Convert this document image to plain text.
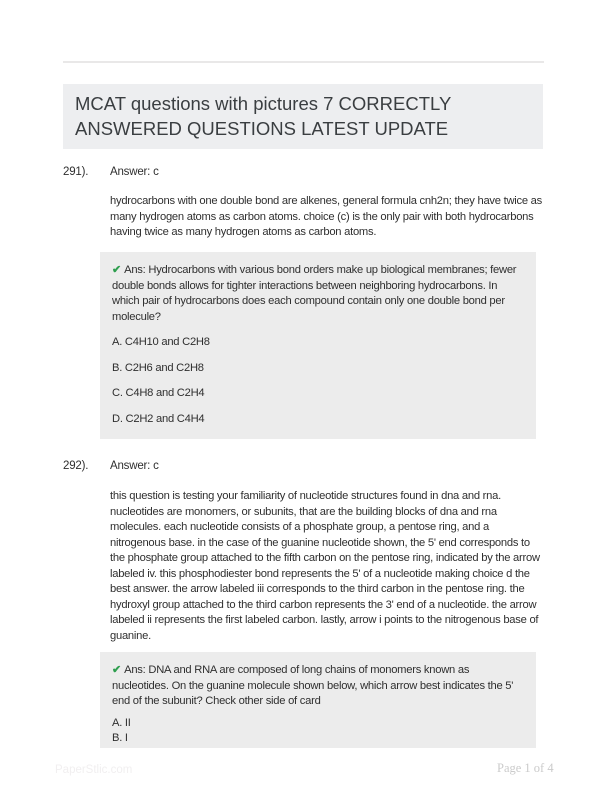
MCAT questions with pictures 7 CORRECTLY ANSWERED QUESTIONS LATEST UPDATE
291).	Answer: c

hydrocarbons with one double bond are alkenes, general formula cnh2n; they have twice as many hydrogen atoms as carbon atoms. choice (c) is the only pair with both hydrocarbons having twice as many hydrogen atoms as carbon atoms.

✔ Ans: Hydrocarbons with various bond orders make up biological membranes; fewer double bonds allows for tighter interactions between neighboring hydrocarbons. In which pair of hydrocarbons does each compound contain only one double bond per molecule?

A. C4H10 and C2H8
B. C2H6 and C2H8
C. C4H8 and C2H4
D. C2H2 and C4H4
292).	Answer: c

this question is testing your familiarity of nucleotide structures found in dna and rna. nucleotides are monomers, or subunits, that are the building blocks of dna and rna molecules. each nucleotide consists of a phosphate group, a pentose ring, and a nitrogenous base. in the case of the guanine nucleotide shown, the 5' end corresponds to the phosphate group attached to the fifth carbon on the pentose ring, indicated by the arrow labeled iv. this phosphodiester bond represents the 5' of a nucleotide making choice d the best answer. the arrow labeled iii corresponds to the third carbon in the pentose ring. the hydroxyl group attached to the third carbon represents the 3' end of a nucleotide. the arrow labeled ii represents the first labeled carbon. lastly, arrow i points to the nitrogenous base of guanine.

✔ Ans: DNA and RNA are composed of long chains of monomers known as nucleotides. On the guanine molecule shown below, which arrow best indicates the 5' end of the subunit? Check other side of card

A. II
B. I
PaperStlic.com	Page 1 of 4
